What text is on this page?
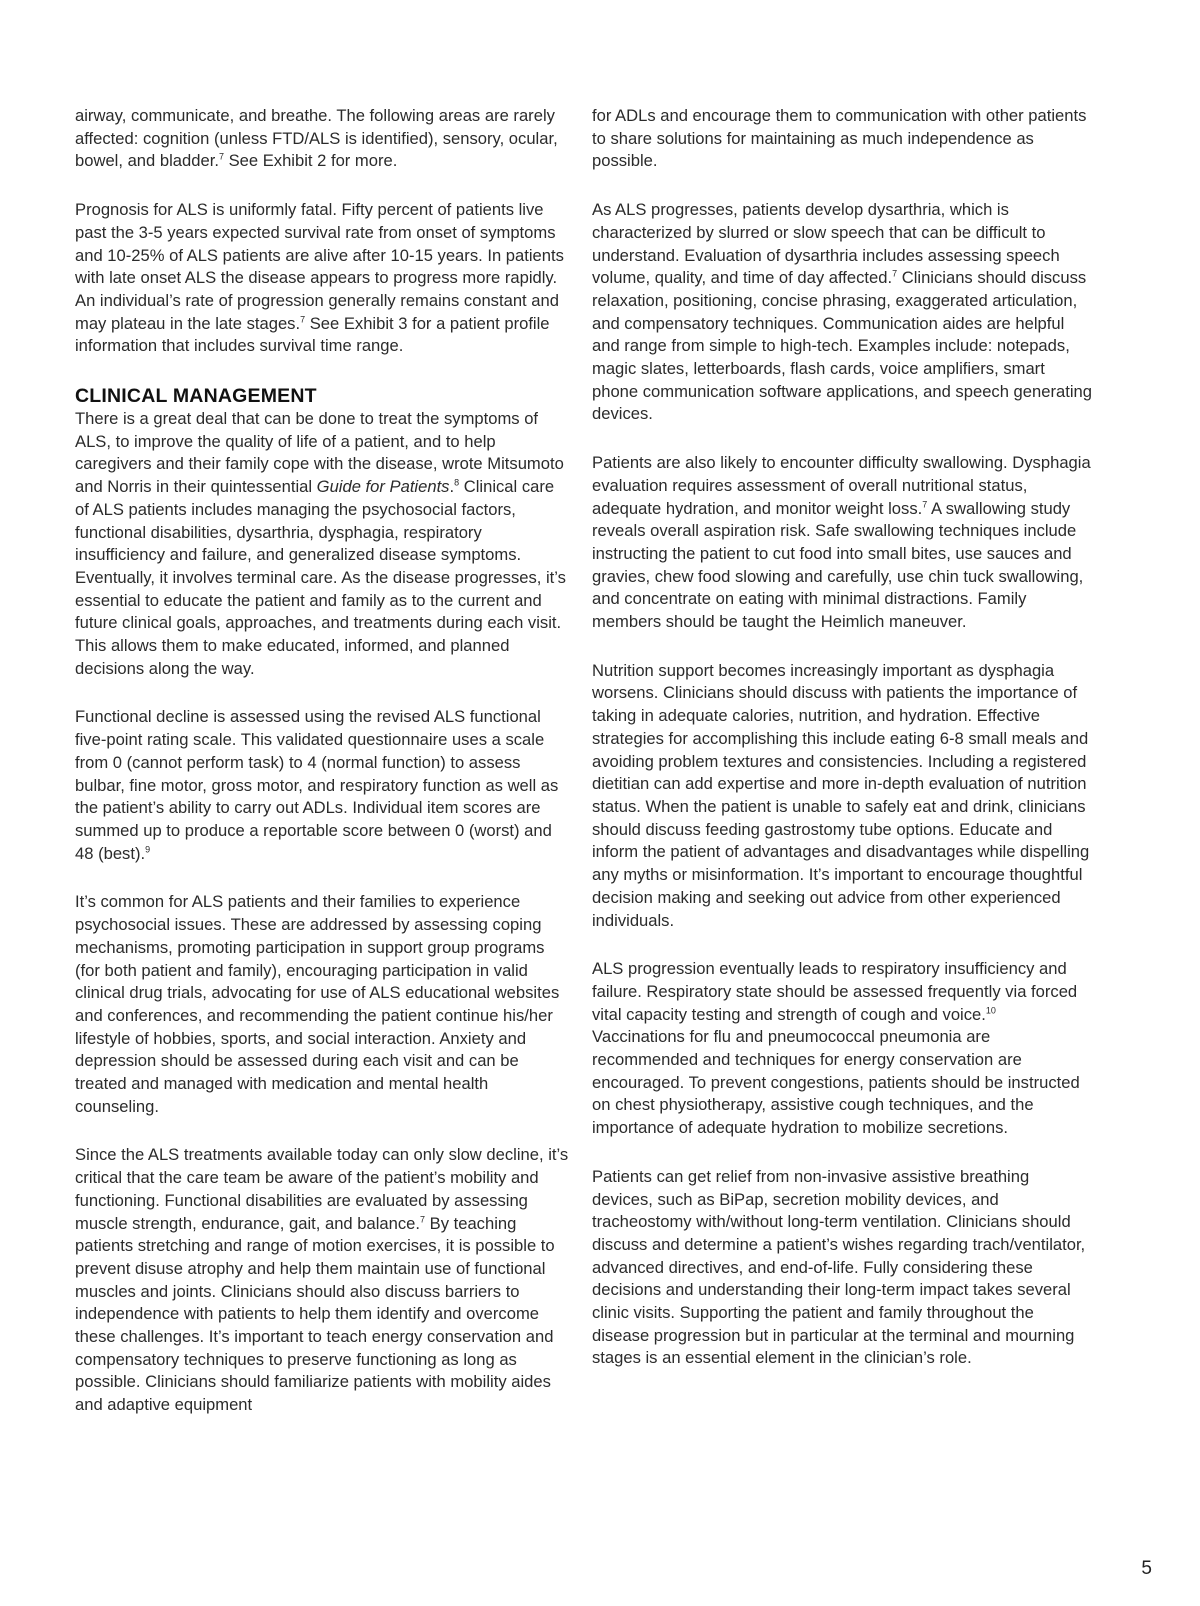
airway, communicate, and breathe. The following areas are rarely affected: cognition (unless FTD/ALS is identified), sensory, ocular, bowel, and bladder.$^7$ See Exhibit 2 for more.

Prognosis for ALS is uniformly fatal. Fifty percent of patients live past the 3-5 years expected survival rate from onset of symptoms and 10-25% of ALS patients are alive after 10-15 years. In patients with late onset ALS the disease appears to progress more rapidly. An individual’s rate of progression generally remains constant and may plateau in the late stages.$^7$ See Exhibit 3 for a patient profile information that includes survival time range.

CLINICAL MANAGEMENT

There is a great deal that can be done to treat the symptoms of ALS, to improve the quality of life of a patient, and to help caregivers and their family cope with the disease, wrote Mitsumoto and Norris in their quintessential Guide for Patients.$^8$ Clinical care of ALS patients includes managing the psychosocial factors, functional disabilities, dysarthria, dysphagia, respiratory insufficiency and failure, and generalized disease symptoms. Eventually, it involves terminal care. As the disease progresses, it’s essential to educate the patient and family as to the current and future clinical goals, approaches, and treatments during each visit. This allows them to make educated, informed, and planned decisions along the way.

Functional decline is assessed using the revised ALS functional five-point rating scale. This validated questionnaire uses a scale from 0 (cannot perform task) to 4 (normal function) to assess bulbar, fine motor, gross motor, and respiratory function as well as the patient’s ability to carry out ADLs. Individual item scores are summed up to produce a reportable score between 0 (worst) and 48 (best).$^9$

It’s common for ALS patients and their families to experience psychosocial issues. These are addressed by assessing coping mechanisms, promoting participation in support group programs (for both patient and family), encouraging participation in valid clinical drug trials, advocating for use of ALS educational websites and conferences, and recommending the patient continue his/her lifestyle of hobbies, sports, and social interaction. Anxiety and depression should be assessed during each visit and can be treated and managed with medication and mental health counseling.

Since the ALS treatments available today can only slow decline, it’s critical that the care team be aware of the patient’s mobility and functioning. Functional disabilities are evaluated by assessing muscle strength, endurance, gait, and balance.$^7$ By teaching patients stretching and range of motion exercises, it is possible to prevent disuse atrophy and help them maintain use of functional muscles and joints. Clinicians should also discuss barriers to independence with patients to help them identify and overcome these challenges. It’s important to teach energy conservation and compensatory techniques to preserve functioning as long as possible. Clinicians should familiarize patients with mobility aides and adaptive equipment

for ADLs and encourage them to communication with other patients to share solutions for maintaining as much independence as possible.

As ALS progresses, patients develop dysarthria, which is characterized by slurred or slow speech that can be difficult to understand. Evaluation of dysarthria includes assessing speech volume, quality, and time of day affected.$^7$ Clinicians should discuss relaxation, positioning, concise phrasing, exaggerated articulation, and compensatory techniques. Communication aides are helpful and range from simple to high-tech. Examples include: notepads, magic slates, letterboards, flash cards, voice amplifiers, smart phone communication software applications, and speech generating devices.

Patients are also likely to encounter difficulty swallowing. Dysphagia evaluation requires assessment of overall nutritional status, adequate hydration, and monitor weight loss.$^7$ A swallowing study reveals overall aspiration risk. Safe swallowing techniques include instructing the patient to cut food into small bites, use sauces and gravies, chew food slowing and carefully, use chin tuck swallowing, and concentrate on eating with minimal distractions. Family members should be taught the Heimlich maneuver.

Nutrition support becomes increasingly important as dysphagia worsens. Clinicians should discuss with patients the importance of taking in adequate calories, nutrition, and hydration. Effective strategies for accomplishing this include eating 6-8 small meals and avoiding problem textures and consistencies. Including a registered dietitian can add expertise and more in-depth evaluation of nutrition status. When the patient is unable to safely eat and drink, clinicians should discuss feeding gastrostomy tube options. Educate and inform the patient of advantages and disadvantages while dispelling any myths or misinformation. It’s important to encourage thoughtful decision making and seeking out advice from other experienced individuals.

ALS progression eventually leads to respiratory insufficiency and failure. Respiratory state should be assessed frequently via forced vital capacity testing and strength of cough and voice.$^{10}$ Vaccinations for flu and pneumococcal pneumonia are recommended and techniques for energy conservation are encouraged. To prevent congestions, patients should be instructed on chest physiotherapy, assistive cough techniques, and the importance of adequate hydration to mobilize secretions.

Patients can get relief from non-invasive assistive breathing devices, such as BiPap, secretion mobility devices, and tracheostomy with/without long-term ventilation. Clinicians should discuss and determine a patient’s wishes regarding trach/ventilator, advanced directives, and end-of-life. Fully considering these decisions and understanding their long-term impact takes several clinic visits. Supporting the patient and family throughout the disease progression but in particular at the terminal and mourning stages is an essential element in the clinician’s role.

5
